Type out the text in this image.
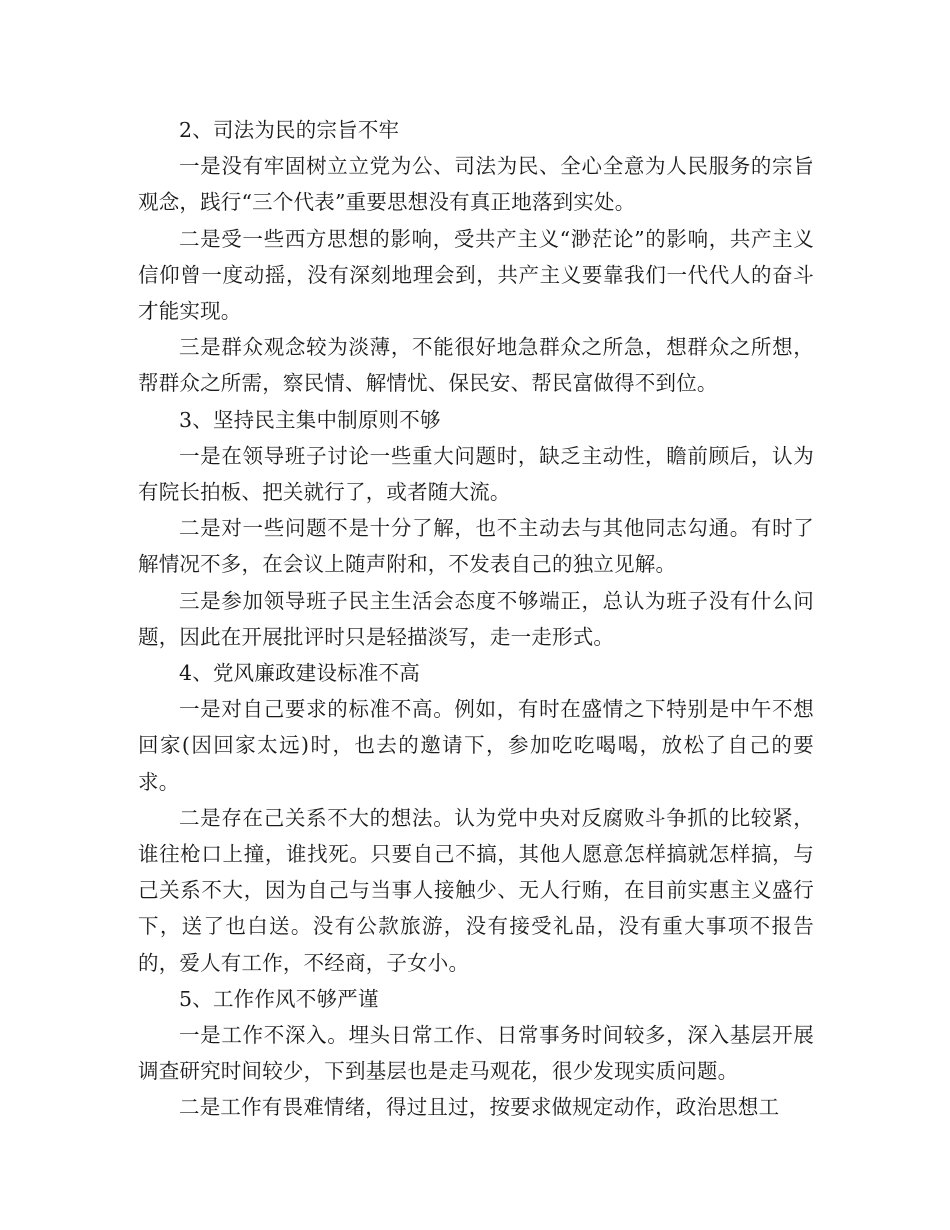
2、司法为民的宗旨不牢

一是没有牢固树立立党为公、司法为民、全心全意为人民服务的宗旨观念，践行“三个代表”重要思想没有真正地落到实处。

二是受一些西方思想的影响，受共产主义“渺茫论”的影响，共产主义信仰曾一度动摇，没有深刻地理会到，共产主义要靠我们一代代人的奋斗才能实现。

三是群众观念较为淡薄，不能很好地急群众之所急，想群众之所想，帮群众之所需，察民情、解情忧、保民安、帮民富做得不到位。

3、坚持民主集中制原则不够

一是在领导班子讨论一些重大问题时，缺乏主动性，瞻前顾后，认为有院长拍板、把关就行了，或者随大流。

二是对一些问题不是十分了解，也不主动去与其他同志勾通。有时了解情况不多，在会议上随声附和，不发表自己的独立见解。

三是参加领导班子民主生活会态度不够端正，总认为班子没有什么问题，因此在开展批评时只是轻描淡写，走一走形式。

4、党风廉政建设标准不高

一是对自己要求的标准不高。例如，有时在盛情之下特别是中午不想回家(因回家太远)时，也去的邀请下，参加吃吃喝喝，放松了自己的要求。

二是存在己关系不大的想法。认为党中央对反腐败斗争抓的比较紧，谁往枪口上撞，谁找死。只要自己不搞，其他人愿意怎样搞就怎样搞，与己关系不大，因为自己与当事人接触少、无人行贿，在目前实惠主义盛行下，送了也白送。没有公款旅游，没有接受礼品，没有重大事项不报告的，爱人有工作，不经商，子女小。

5、工作作风不够严谨

一是工作不深入。埋头日常工作、日常事务时间较多，深入基层开展调查研究时间较少，下到基层也是走马观花，很少发现实质问题。

二是工作有畏难情绪，得过且过，按要求做规定动作，政治思想工
